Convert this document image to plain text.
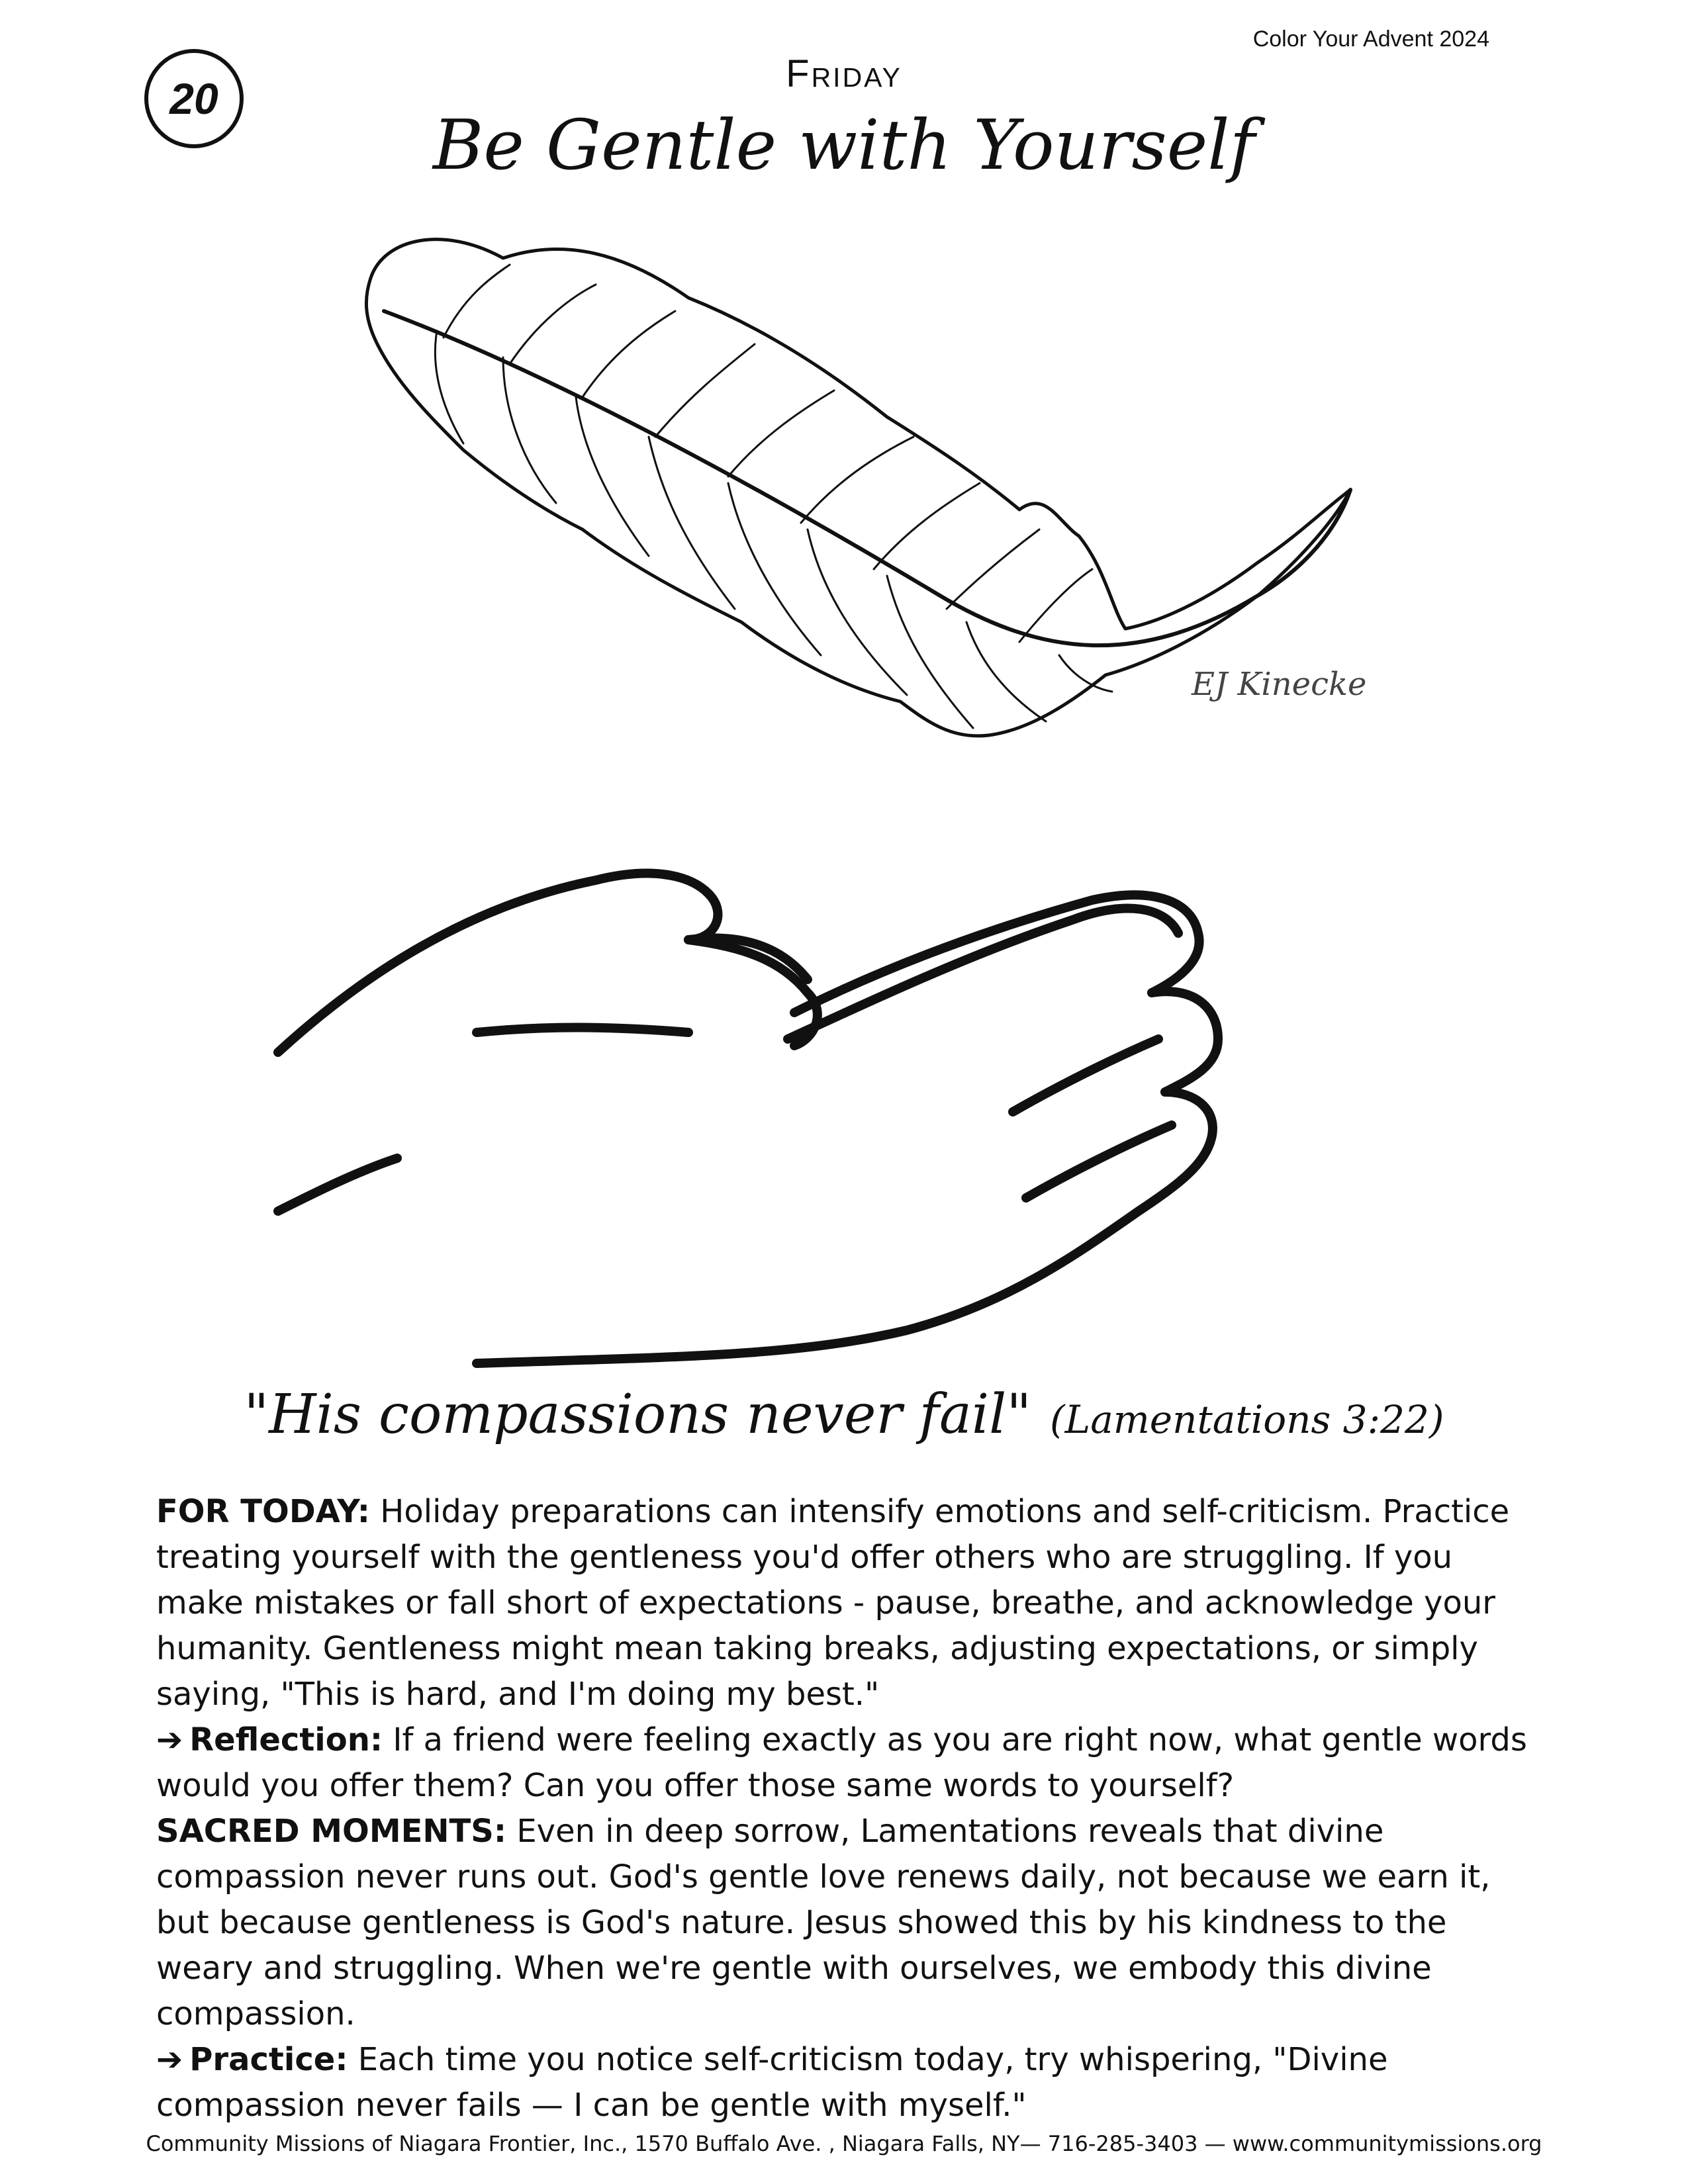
Color Your Advent 2024
20
Friday
Be Gentle with Yourself
EJ Kinecke
"His compassions never fail" (Lamentations 3:22)

FOR TODAY: Holiday preparations can intensify emotions and self-criticism. Practice treating yourself with the gentleness you'd offer others who are struggling. If you make mistakes or fall short of expectations - pause, breathe, and acknowledge your humanity. Gentleness might mean taking breaks, adjusting expectations, or simply saying, "This is hard, and I'm doing my best."

➔ Reflection: If a friend were feeling exactly as you are right now, what gentle words would you offer them? Can you offer those same words to yourself?

SACRED MOMENTS: Even in deep sorrow, Lamentations reveals that divine compassion never runs out. God's gentle love renews daily, not because we earn it, but because gentleness is God's nature. Jesus showed this by his kindness to the weary and struggling. When we're gentle with ourselves, we embody this divine compassion.

➔ Practice: Each time you notice self-criticism today, try whispering, "Divine compassion never fails — I can be gentle with myself."

Community Missions of Niagara Frontier, Inc., 1570 Buffalo Ave. , Niagara Falls, NY— 716-285-3403 — www.communitymissions.org
